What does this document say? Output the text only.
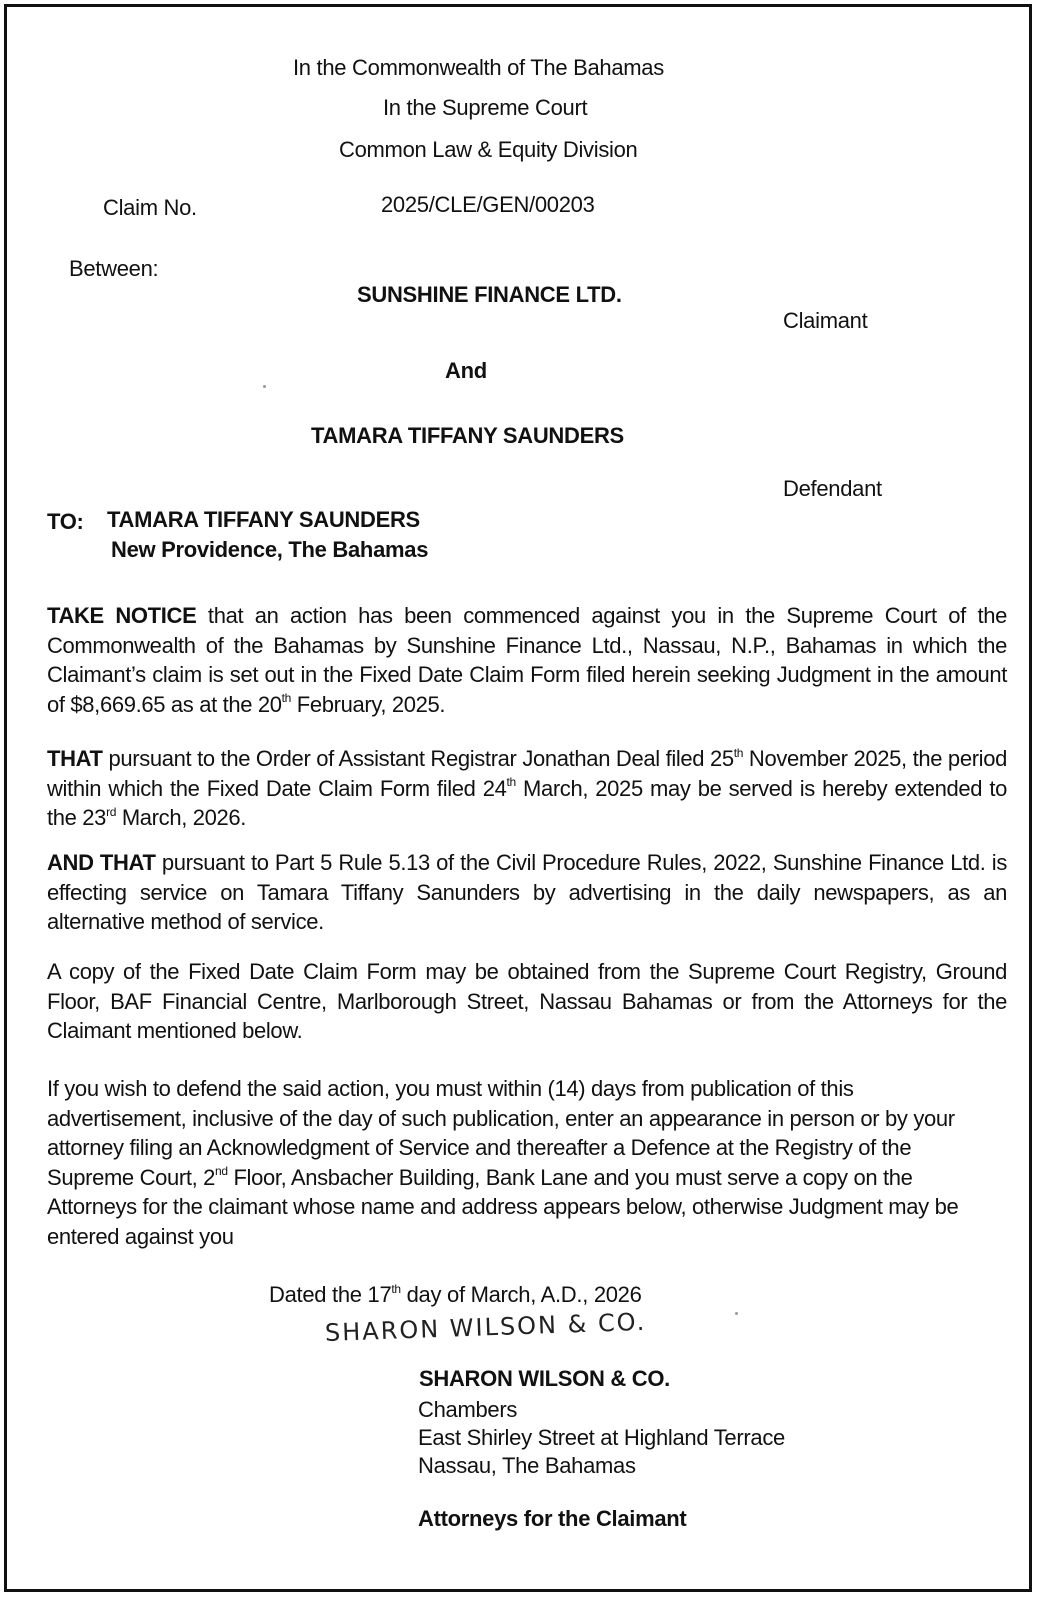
In the Commonwealth of The Bahamas
In the Supreme Court
Common Law & Equity Division
Claim No.	2025/CLE/GEN/00203
Between:
SUNSHINE FINANCE LTD.
Claimant
And
TAMARA TIFFANY SAUNDERS
Defendant
TO: TAMARA TIFFANY SAUNDERS
New Providence, The Bahamas
TAKE NOTICE that an action has been commenced against you in the Supreme Court of the Commonwealth of the Bahamas by Sunshine Finance Ltd., Nassau, N.P., Bahamas in which the Claimant’s claim is set out in the Fixed Date Claim Form filed herein seeking Judgment in the amount of $8,669.65 as at the 20th February, 2025.
THAT pursuant to the Order of Assistant Registrar Jonathan Deal filed 25th November 2025, the period within which the Fixed Date Claim Form filed 24th March, 2025 may be served is hereby extended to the 23rd March, 2026.
AND THAT pursuant to Part 5 Rule 5.13 of the Civil Procedure Rules, 2022, Sunshine Finance Ltd. is effecting service on Tamara Tiffany Sanunders by advertising in the daily newspapers, as an alternative method of service.
A copy of the Fixed Date Claim Form may be obtained from the Supreme Court Registry, Ground Floor, BAF Financial Centre, Marlborough Street, Nassau Bahamas or from the Attorneys for the Claimant mentioned below.
If you wish to defend the said action, you must within (14) days from publication of this advertisement, inclusive of the day of such publication, enter an appearance in person or by your attorney filing an Acknowledgment of Service and thereafter a Defence at the Registry of the Supreme Court, 2nd Floor, Ansbacher Building, Bank Lane and you must serve a copy on the Attorneys for the claimant whose name and address appears below, otherwise Judgment may be entered against you
Dated the 17th day of March, A.D., 2026
SHARON WILSON & CO.
SHARON WILSON & CO.
Chambers
East Shirley Street at Highland Terrace
Nassau, The Bahamas
Attorneys for the Claimant
